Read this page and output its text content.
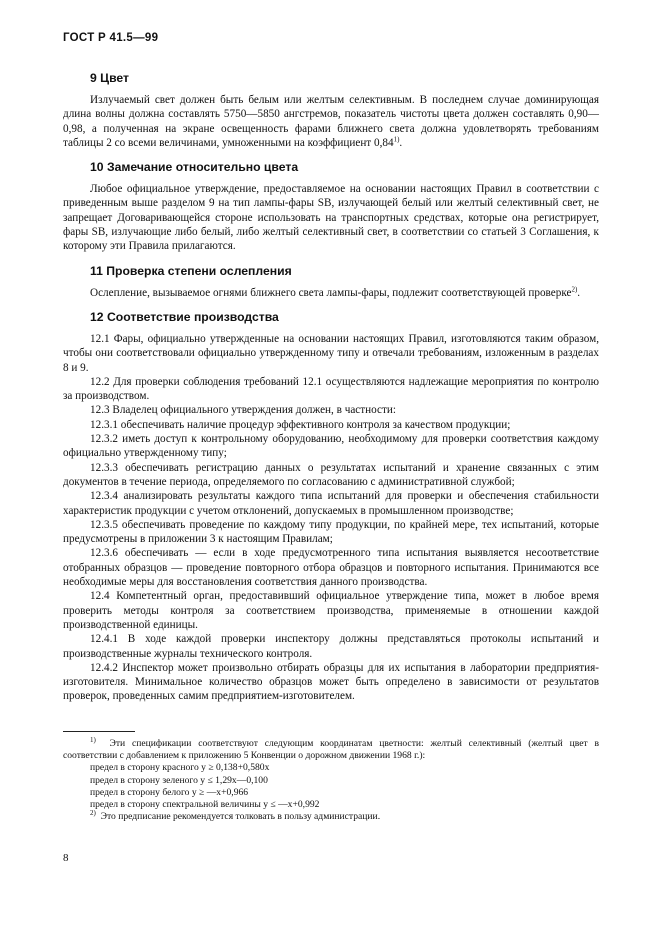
ГОСТ Р 41.5—99
9 Цвет

Излучаемый свет должен быть белым или желтым селективным. В последнем случае доминирующая длина волны должна составлять 5750—5850 ангстремов, показатель чистоты цвета должен составлять 0,90—0,98, а полученная на экране освещенность фарами ближнего света должна удовлетворять требованиям таблицы 2 со всеми величинами, умноженными на коэффициент 0,84$^{1)}$.

10 Замечание относительно цвета

Любое официальное утверждение, предоставляемое на основании настоящих Правил в соответствии с приведенным выше разделом 9 на тип лампы-фары SB, излучающей белый или желтый селективный свет, не запрещает Договаривающейся стороне использовать на транспортных средствах, которые она регистрирует, фары SB, излучающие либо белый, либо желтый селективный свет, в соответствии со статьей 3 Соглашения, к которому эти Правила прилагаются.

11 Проверка степени ослепления

Ослепление, вызываемое огнями ближнего света лампы-фары, подлежит соответствующей проверке$^{2)}$.

12 Соответствие производства

12.1 Фары, официально утвержденные на основании настоящих Правил, изготовляются таким образом, чтобы они соответствовали официально утвержденному типу и отвечали требованиям, изложенным в разделах 8 и 9.

12.2 Для проверки соблюдения требований 12.1 осуществляются надлежащие мероприятия по контролю за производством.

12.3 Владелец официального утверждения должен, в частности:

12.3.1 обеспечивать наличие процедур эффективного контроля за качеством продукции;

12.3.2 иметь доступ к контрольному оборудованию, необходимому для проверки соответствия каждому официально утвержденному типу;

12.3.3 обеспечивать регистрацию данных о результатах испытаний и хранение связанных с этим документов в течение периода, определяемого по согласованию с административной службой;

12.3.4 анализировать результаты каждого типа испытаний для проверки и обеспечения стабильности характеристик продукции с учетом отклонений, допускаемых в промышленном производстве;

12.3.5 обеспечивать проведение по каждому типу продукции, по крайней мере, тех испытаний, которые предусмотрены в приложении 3 к настоящим Правилам;

12.3.6 обеспечивать — если в ходе предусмотренного типа испытания выявляется несоответствие отобранных образцов — проведение повторного отбора образцов и повторного испытания. Принимаются все необходимые меры для восстановления соответствия данного производства.

12.4 Компетентный орган, предоставивший официальное утверждение типа, может в любое время проверить методы контроля за соответствием производства, применяемые в отношении каждой производственной единицы.

12.4.1 В ходе каждой проверки инспектору должны представляться протоколы испытаний и производственные журналы технического контроля.

12.4.2 Инспектор может произвольно отбирать образцы для их испытания в лаборатории предприятия-изготовителя. Минимальное количество образцов может быть определено в зависимости от результатов проверок, проведенных самим предприятием-изготовителем.

$^{1)}$ Эти спецификации соответствуют следующим координатам цветности: желтый селективный (желтый цвет в соответствии с добавлением к приложению 5 Конвенции о дорожном движении 1968 г.):

предел в сторону красного y ≥ 0,138+0,580x

предел в сторону зеленого y ≤ 1,29x—0,100

предел в сторону белого y ≥ —x+0,966

предел в сторону спектральной величины y ≤ —x+0,992

$^{2)}$ Это предписание рекомендуется толковать в пользу администрации.

8
